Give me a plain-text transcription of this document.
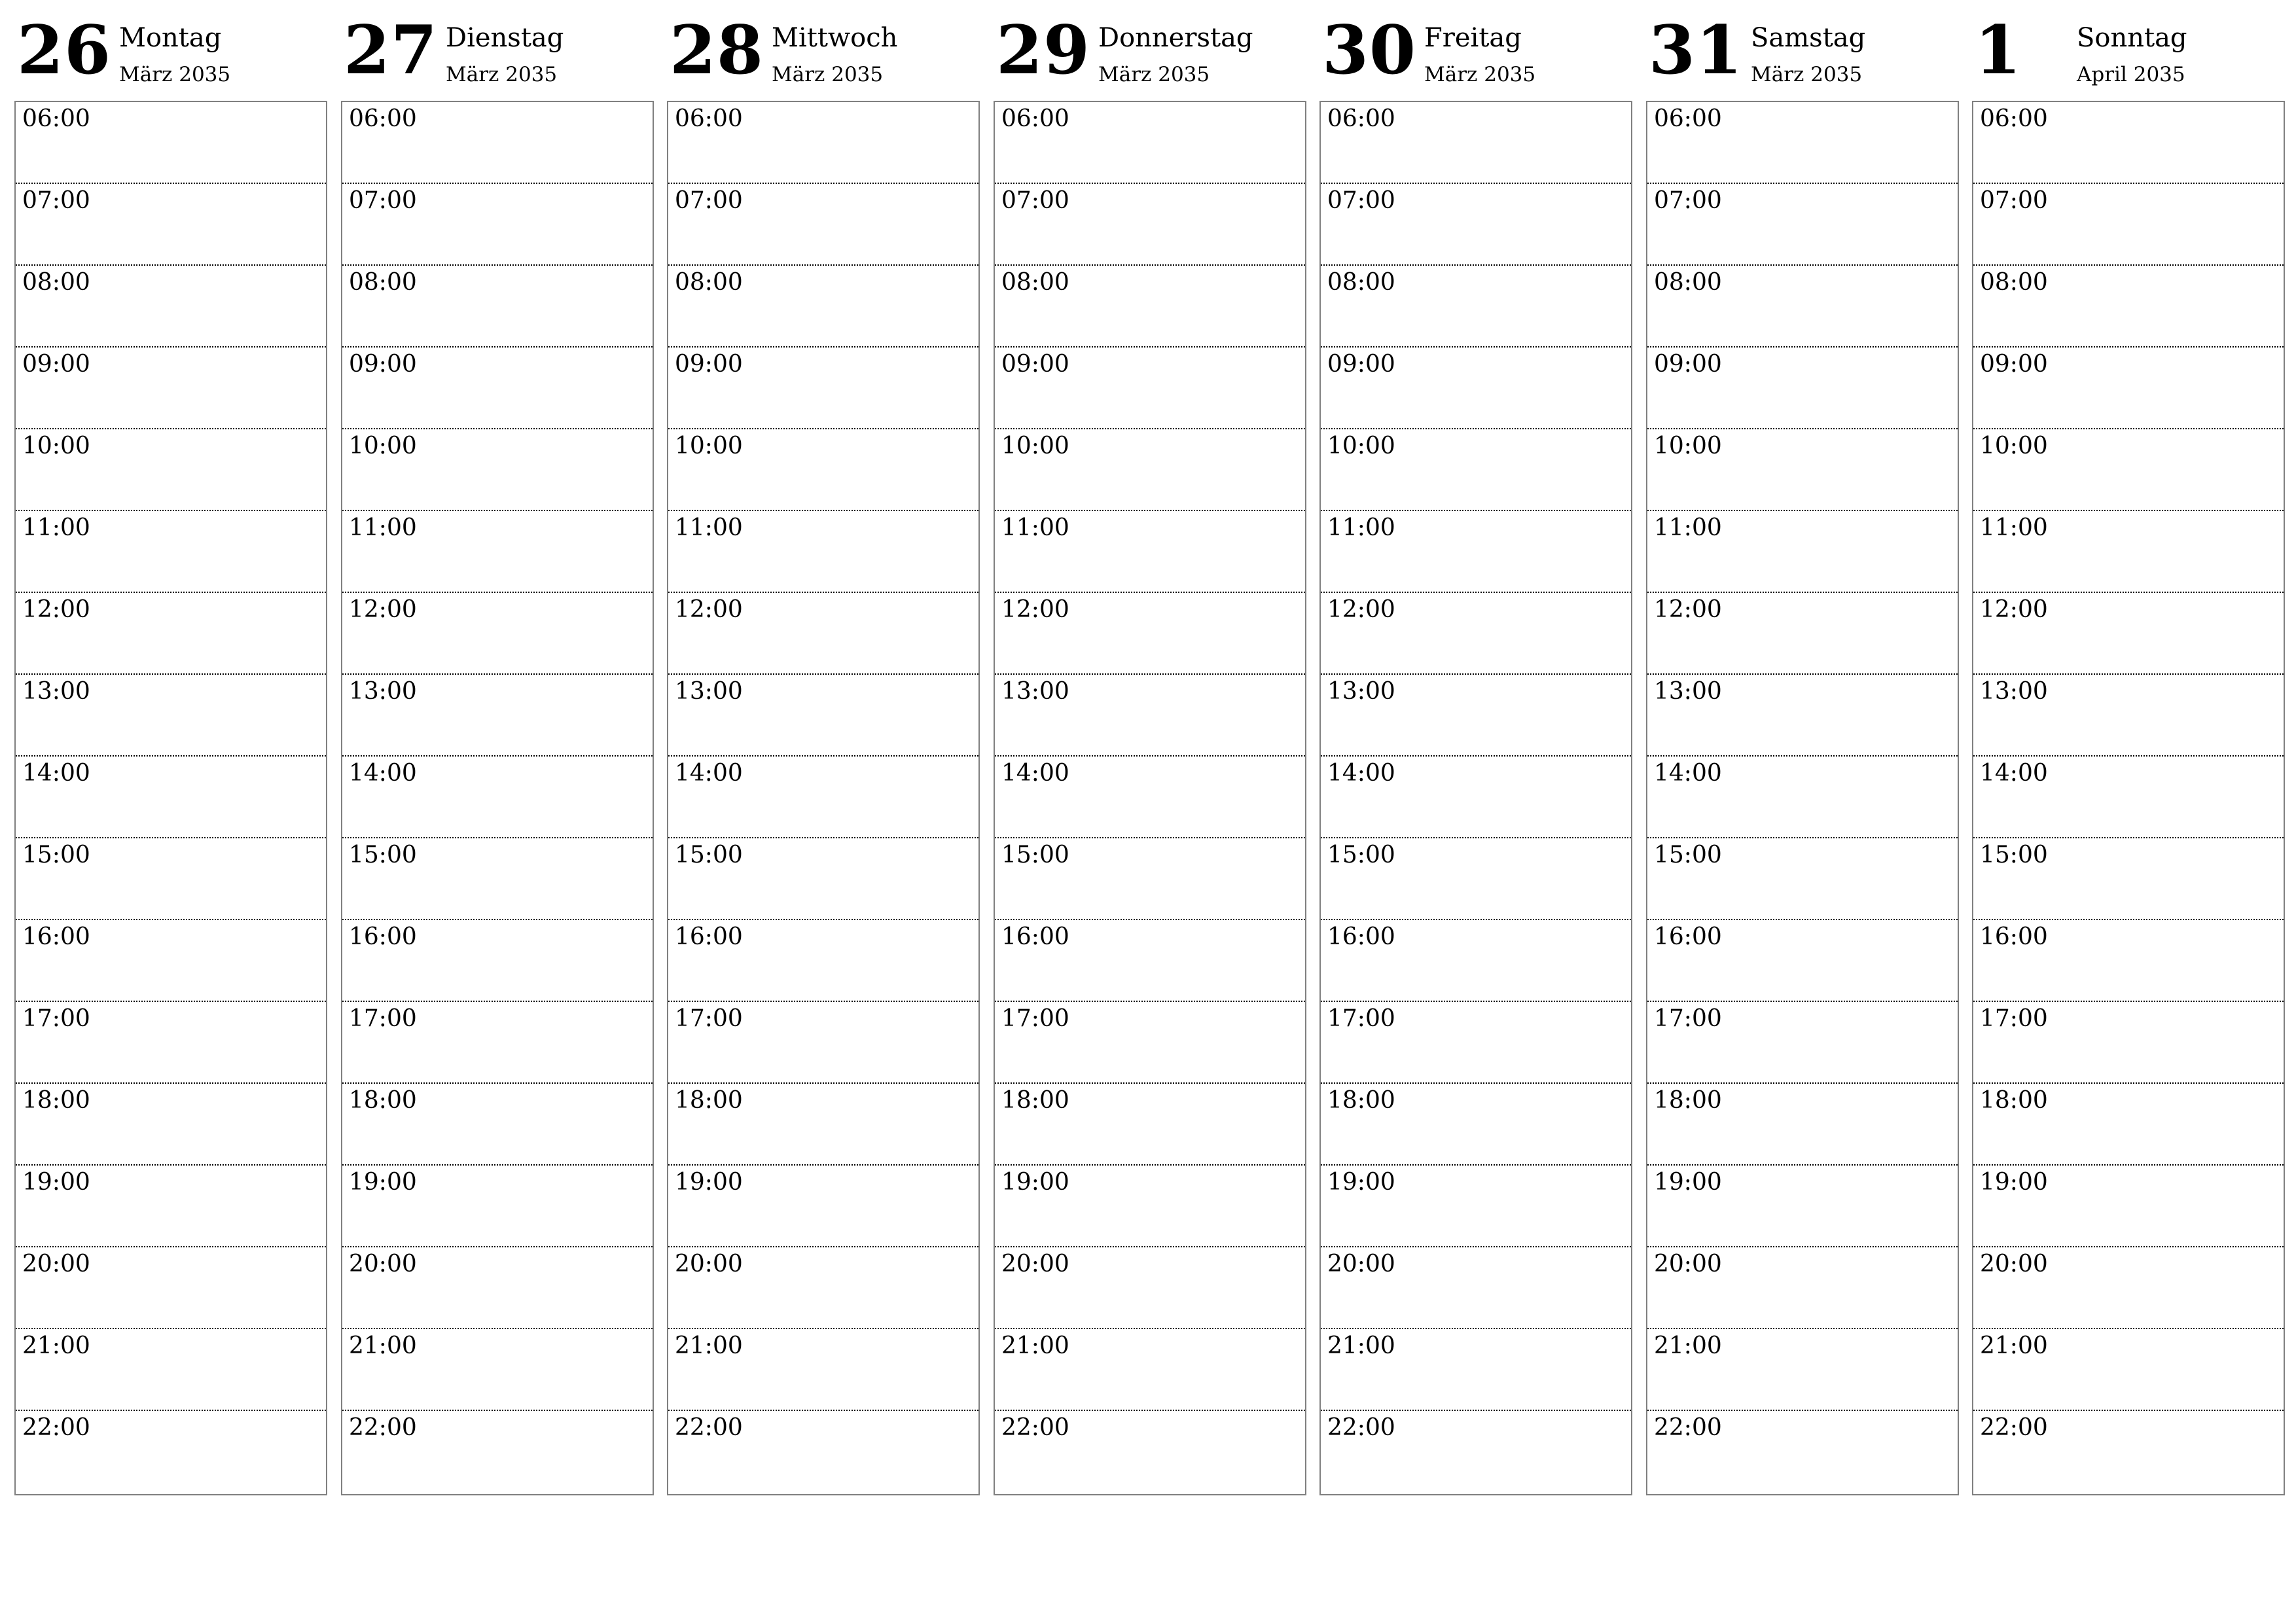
26 Montag
März 2035
06:00
07:00
08:00
09:00
10:00
11:00
12:00
13:00
14:00
15:00
16:00
17:00
18:00
19:00
20:00
21:00
22:00
27 Dienstag
März 2035
06:00
07:00
08:00
09:00
10:00
11:00
12:00
13:00
14:00
15:00
16:00
17:00
18:00
19:00
20:00
21:00
22:00
28 Mittwoch
März 2035
06:00
07:00
08:00
09:00
10:00
11:00
12:00
13:00
14:00
15:00
16:00
17:00
18:00
19:00
20:00
21:00
22:00
29 Donnerstag
März 2035
06:00
07:00
08:00
09:00
10:00
11:00
12:00
13:00
14:00
15:00
16:00
17:00
18:00
19:00
20:00
21:00
22:00
30 Freitag
März 2035
06:00
07:00
08:00
09:00
10:00
11:00
12:00
13:00
14:00
15:00
16:00
17:00
18:00
19:00
20:00
21:00
22:00
31 Samstag
März 2035
06:00
07:00
08:00
09:00
10:00
11:00
12:00
13:00
14:00
15:00
16:00
17:00
18:00
19:00
20:00
21:00
22:00
1 Sonntag
April 2035
06:00
07:00
08:00
09:00
10:00
11:00
12:00
13:00
14:00
15:00
16:00
17:00
18:00
19:00
20:00
21:00
22:00
